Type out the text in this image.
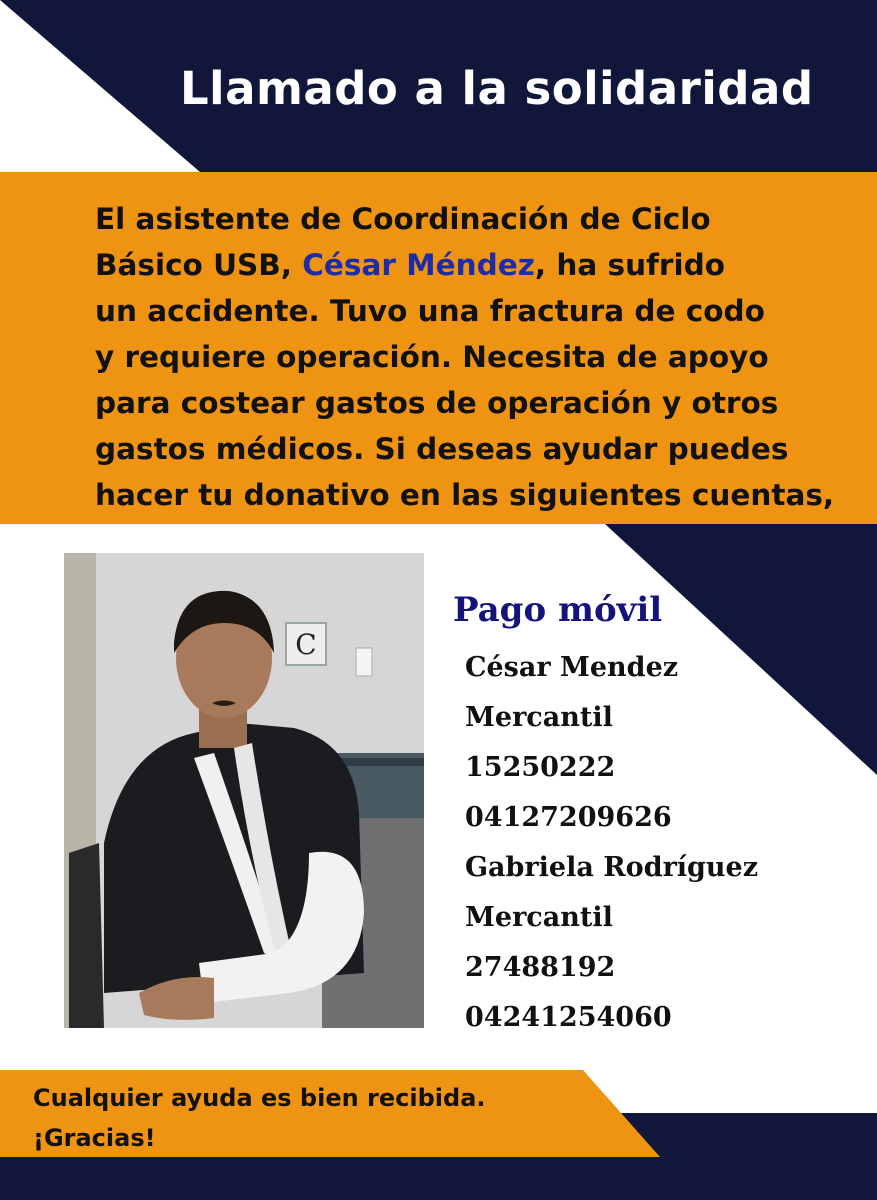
Llamado a la solidaridad

El asistente de Coordinación de Ciclo
Básico USB, César Méndez, ha sufrido
un accidente. Tuvo una fractura de codo
y requiere operación. Necesita de apoyo
para costear gastos de operación y otros
gastos médicos. Si deseas ayudar puedes
hacer tu donativo en las siguientes cuentas,

C
Pago móvil
César Mendez
Mercantil
15250222
04127209626
Gabriela Rodríguez
Mercantil
27488192
04241254060

Cualquier ayuda es bien recibida.
¡Gracias!
